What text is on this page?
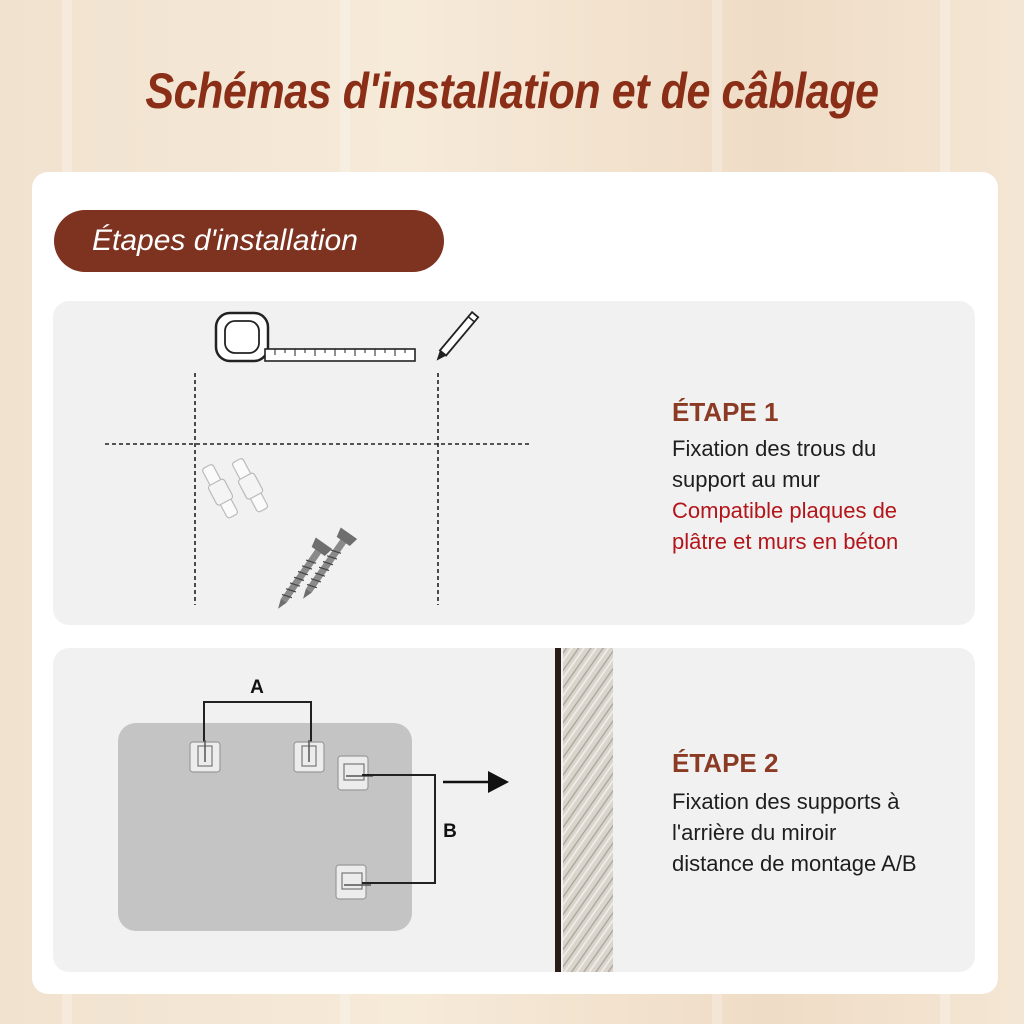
Schémas d'installation et de câblage
Étapes d'installation
ÉTAPE 1
Fixation des trous du
support au mur
Compatible plaques de
plâtre et murs en béton
A
B
ÉTAPE 2
Fixation des supports à
l'arrière du miroir
distance de montage A/B
